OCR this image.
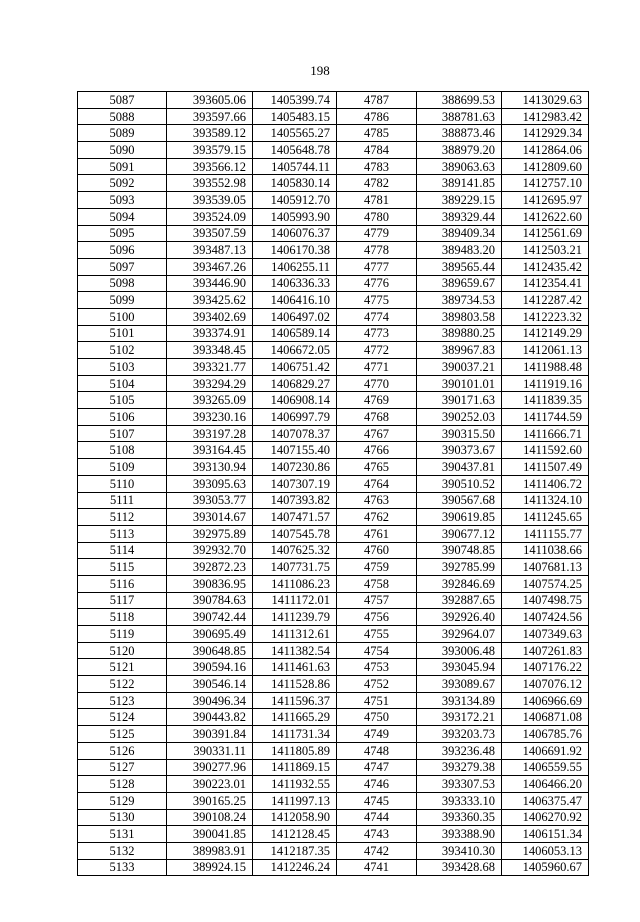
198
5087	393605.06	1405399.74	4787	388699.53	1413029.63
5088	393597.66	1405483.15	4786	388781.63	1412983.42
5089	393589.12	1405565.27	4785	388873.46	1412929.34
5090	393579.15	1405648.78	4784	388979.20	1412864.06
5091	393566.12	1405744.11	4783	389063.63	1412809.60
5092	393552.98	1405830.14	4782	389141.85	1412757.10
5093	393539.05	1405912.70	4781	389229.15	1412695.97
5094	393524.09	1405993.90	4780	389329.44	1412622.60
5095	393507.59	1406076.37	4779	389409.34	1412561.69
5096	393487.13	1406170.38	4778	389483.20	1412503.21
5097	393467.26	1406255.11	4777	389565.44	1412435.42
5098	393446.90	1406336.33	4776	389659.67	1412354.41
5099	393425.62	1406416.10	4775	389734.53	1412287.42
5100	393402.69	1406497.02	4774	389803.58	1412223.32
5101	393374.91	1406589.14	4773	389880.25	1412149.29
5102	393348.45	1406672.05	4772	389967.83	1412061.13
5103	393321.77	1406751.42	4771	390037.21	1411988.48
5104	393294.29	1406829.27	4770	390101.01	1411919.16
5105	393265.09	1406908.14	4769	390171.63	1411839.35
5106	393230.16	1406997.79	4768	390252.03	1411744.59
5107	393197.28	1407078.37	4767	390315.50	1411666.71
5108	393164.45	1407155.40	4766	390373.67	1411592.60
5109	393130.94	1407230.86	4765	390437.81	1411507.49
5110	393095.63	1407307.19	4764	390510.52	1411406.72
5111	393053.77	1407393.82	4763	390567.68	1411324.10
5112	393014.67	1407471.57	4762	390619.85	1411245.65
5113	392975.89	1407545.78	4761	390677.12	1411155.77
5114	392932.70	1407625.32	4760	390748.85	1411038.66
5115	392872.23	1407731.75	4759	392785.99	1407681.13
5116	390836.95	1411086.23	4758	392846.69	1407574.25
5117	390784.63	1411172.01	4757	392887.65	1407498.75
5118	390742.44	1411239.79	4756	392926.40	1407424.56
5119	390695.49	1411312.61	4755	392964.07	1407349.63
5120	390648.85	1411382.54	4754	393006.48	1407261.83
5121	390594.16	1411461.63	4753	393045.94	1407176.22
5122	390546.14	1411528.86	4752	393089.67	1407076.12
5123	390496.34	1411596.37	4751	393134.89	1406966.69
5124	390443.82	1411665.29	4750	393172.21	1406871.08
5125	390391.84	1411731.34	4749	393203.73	1406785.76
5126	390331.11	1411805.89	4748	393236.48	1406691.92
5127	390277.96	1411869.15	4747	393279.38	1406559.55
5128	390223.01	1411932.55	4746	393307.53	1406466.20
5129	390165.25	1411997.13	4745	393333.10	1406375.47
5130	390108.24	1412058.90	4744	393360.35	1406270.92
5131	390041.85	1412128.45	4743	393388.90	1406151.34
5132	389983.91	1412187.35	4742	393410.30	1406053.13
5133	389924.15	1412246.24	4741	393428.68	1405960.67
